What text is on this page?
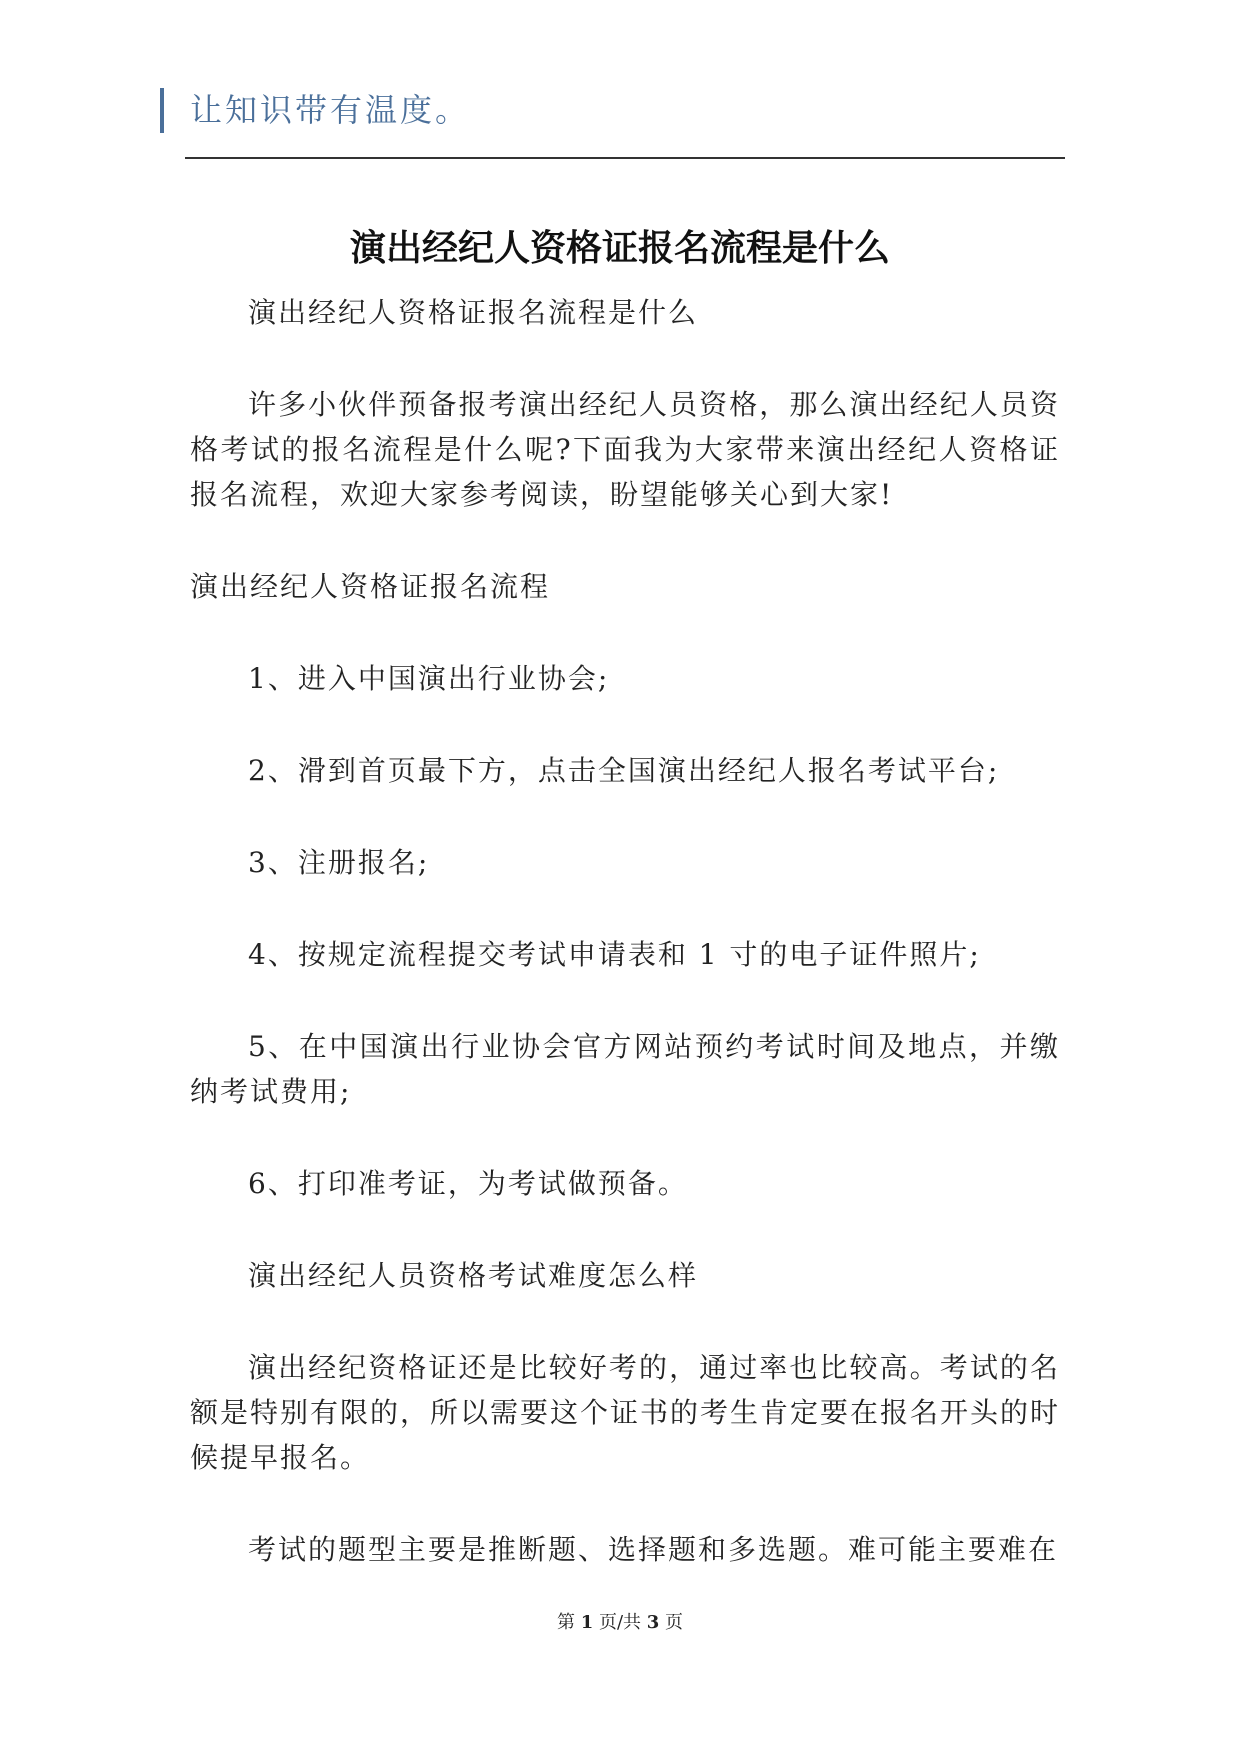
让知识带有温度。
演出经纪人资格证报名流程是什么

演出经纪人资格证报名流程是什么

许多小伙伴预备报考演出经纪人员资格，那么演出经纪人员资格考试的报名流程是什么呢?下面我为大家带来演出经纪人资格证报名流程，欢迎大家参考阅读，盼望能够关心到大家!

演出经纪人资格证报名流程

1、进入中国演出行业协会;

2、滑到首页最下方，点击全国演出经纪人报名考试平台;

3、注册报名;

4、按规定流程提交考试申请表和 1 寸的电子证件照片;

5、在中国演出行业协会官方网站预约考试时间及地点，并缴纳考试费用;

6、打印准考证，为考试做预备。

演出经纪人员资格考试难度怎么样

演出经纪资格证还是比较好考的，通过率也比较高。考试的名额是特别有限的，所以需要这个证书的考生肯定要在报名开头的时候提早报名。

考试的题型主要是推断题、选择题和多选题。难可能主要难在

第 1 页/共 3 页
